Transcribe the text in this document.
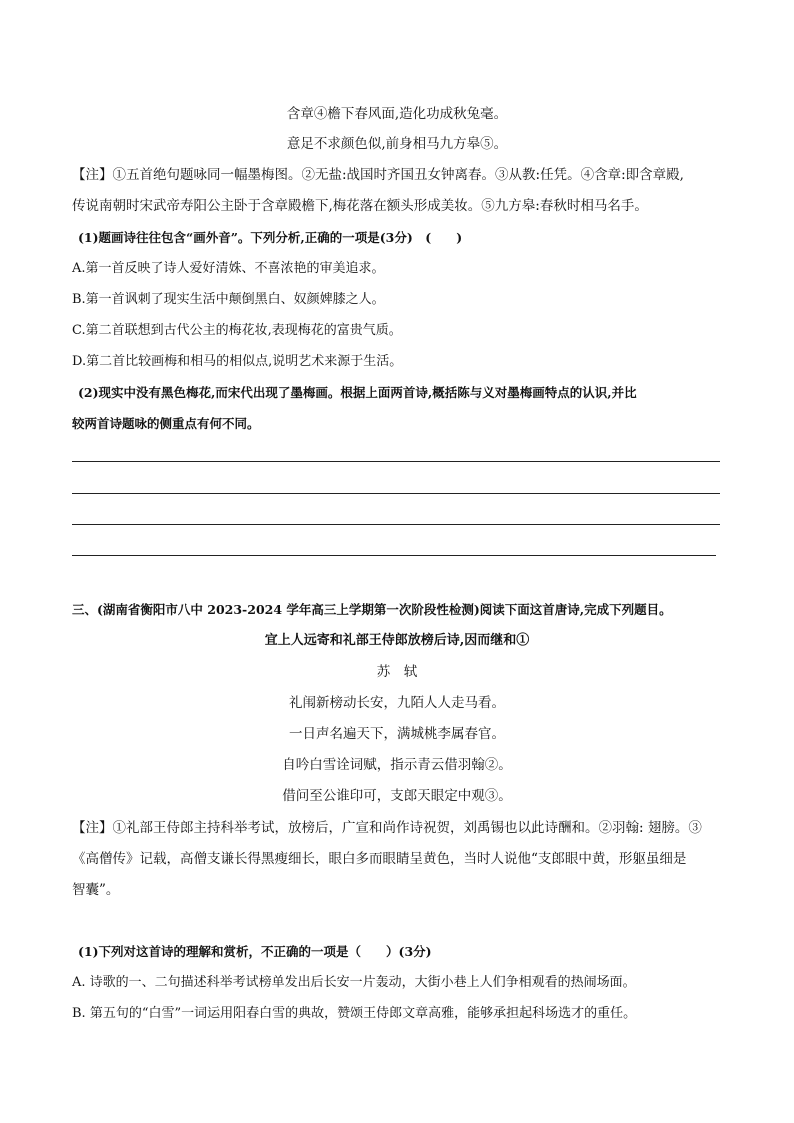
含章④檐下春风面,造化功成秋兔毫。
意足不求颜色似,前身相马九方皋⑤。
【注】①五首绝句题咏同一幅墨梅图。②无盐:战国时齐国丑女钟离春。③从教:任凭。④含章:即含章殿,
传说南朝时宋武帝寿阳公主卧于含章殿檐下,梅花落在额头形成美妆。⑤九方皋:春秋时相马名手。
(1)题画诗往往包含“画外音”。下列分析,正确的一项是(3分)　(　　)
A.第一首反映了诗人爱好清姝、不喜浓艳的审美追求。
B.第一首讽刺了现实生活中颠倒黑白、奴颜婢膝之人。
C.第二首联想到古代公主的梅花妆,表现梅花的富贵气质。
D.第二首比较画梅和相马的相似点,说明艺术来源于生活。
(2)现实中没有黑色梅花,而宋代出现了墨梅画。根据上面两首诗,概括陈与义对墨梅画特点的认识,并比
较两首诗题咏的侧重点有何不同。
三、(湖南省衡阳市八中 2023-2024 学年高三上学期第一次阶段性检测)阅读下面这首唐诗,完成下列题目。
宜上人远寄和礼部王侍郎放榜后诗,因而继和①
苏　轼
礼闱新榜动长安，九陌人人走马看。
一日声名遍天下，满城桃李属春官。
自吟白雪诠词赋，指示青云借羽翰②。
借问至公谁印可，支郎天眼定中观③。
【注】①礼部王侍郎主持科举考试，放榜后，广宣和尚作诗祝贺，刘禹锡也以此诗酬和。②羽翰: 翅膀。③
《高僧传》记载，高僧支谦长得黑瘦细长，眼白多而眼睛呈黄色，当时人说他“支郎眼中黄，形躯虽细是
智囊”。
(1)下列对这首诗的理解和赏析，不正确的一项是（　　）(3分)
A. 诗歌的一、二句描述科举考试榜单发出后长安一片轰动，大街小巷上人们争相观看的热闹场面。
B. 第五句的“白雪”一词运用阳春白雪的典故，赞颂王侍郎文章高雅，能够承担起科场选才的重任。
